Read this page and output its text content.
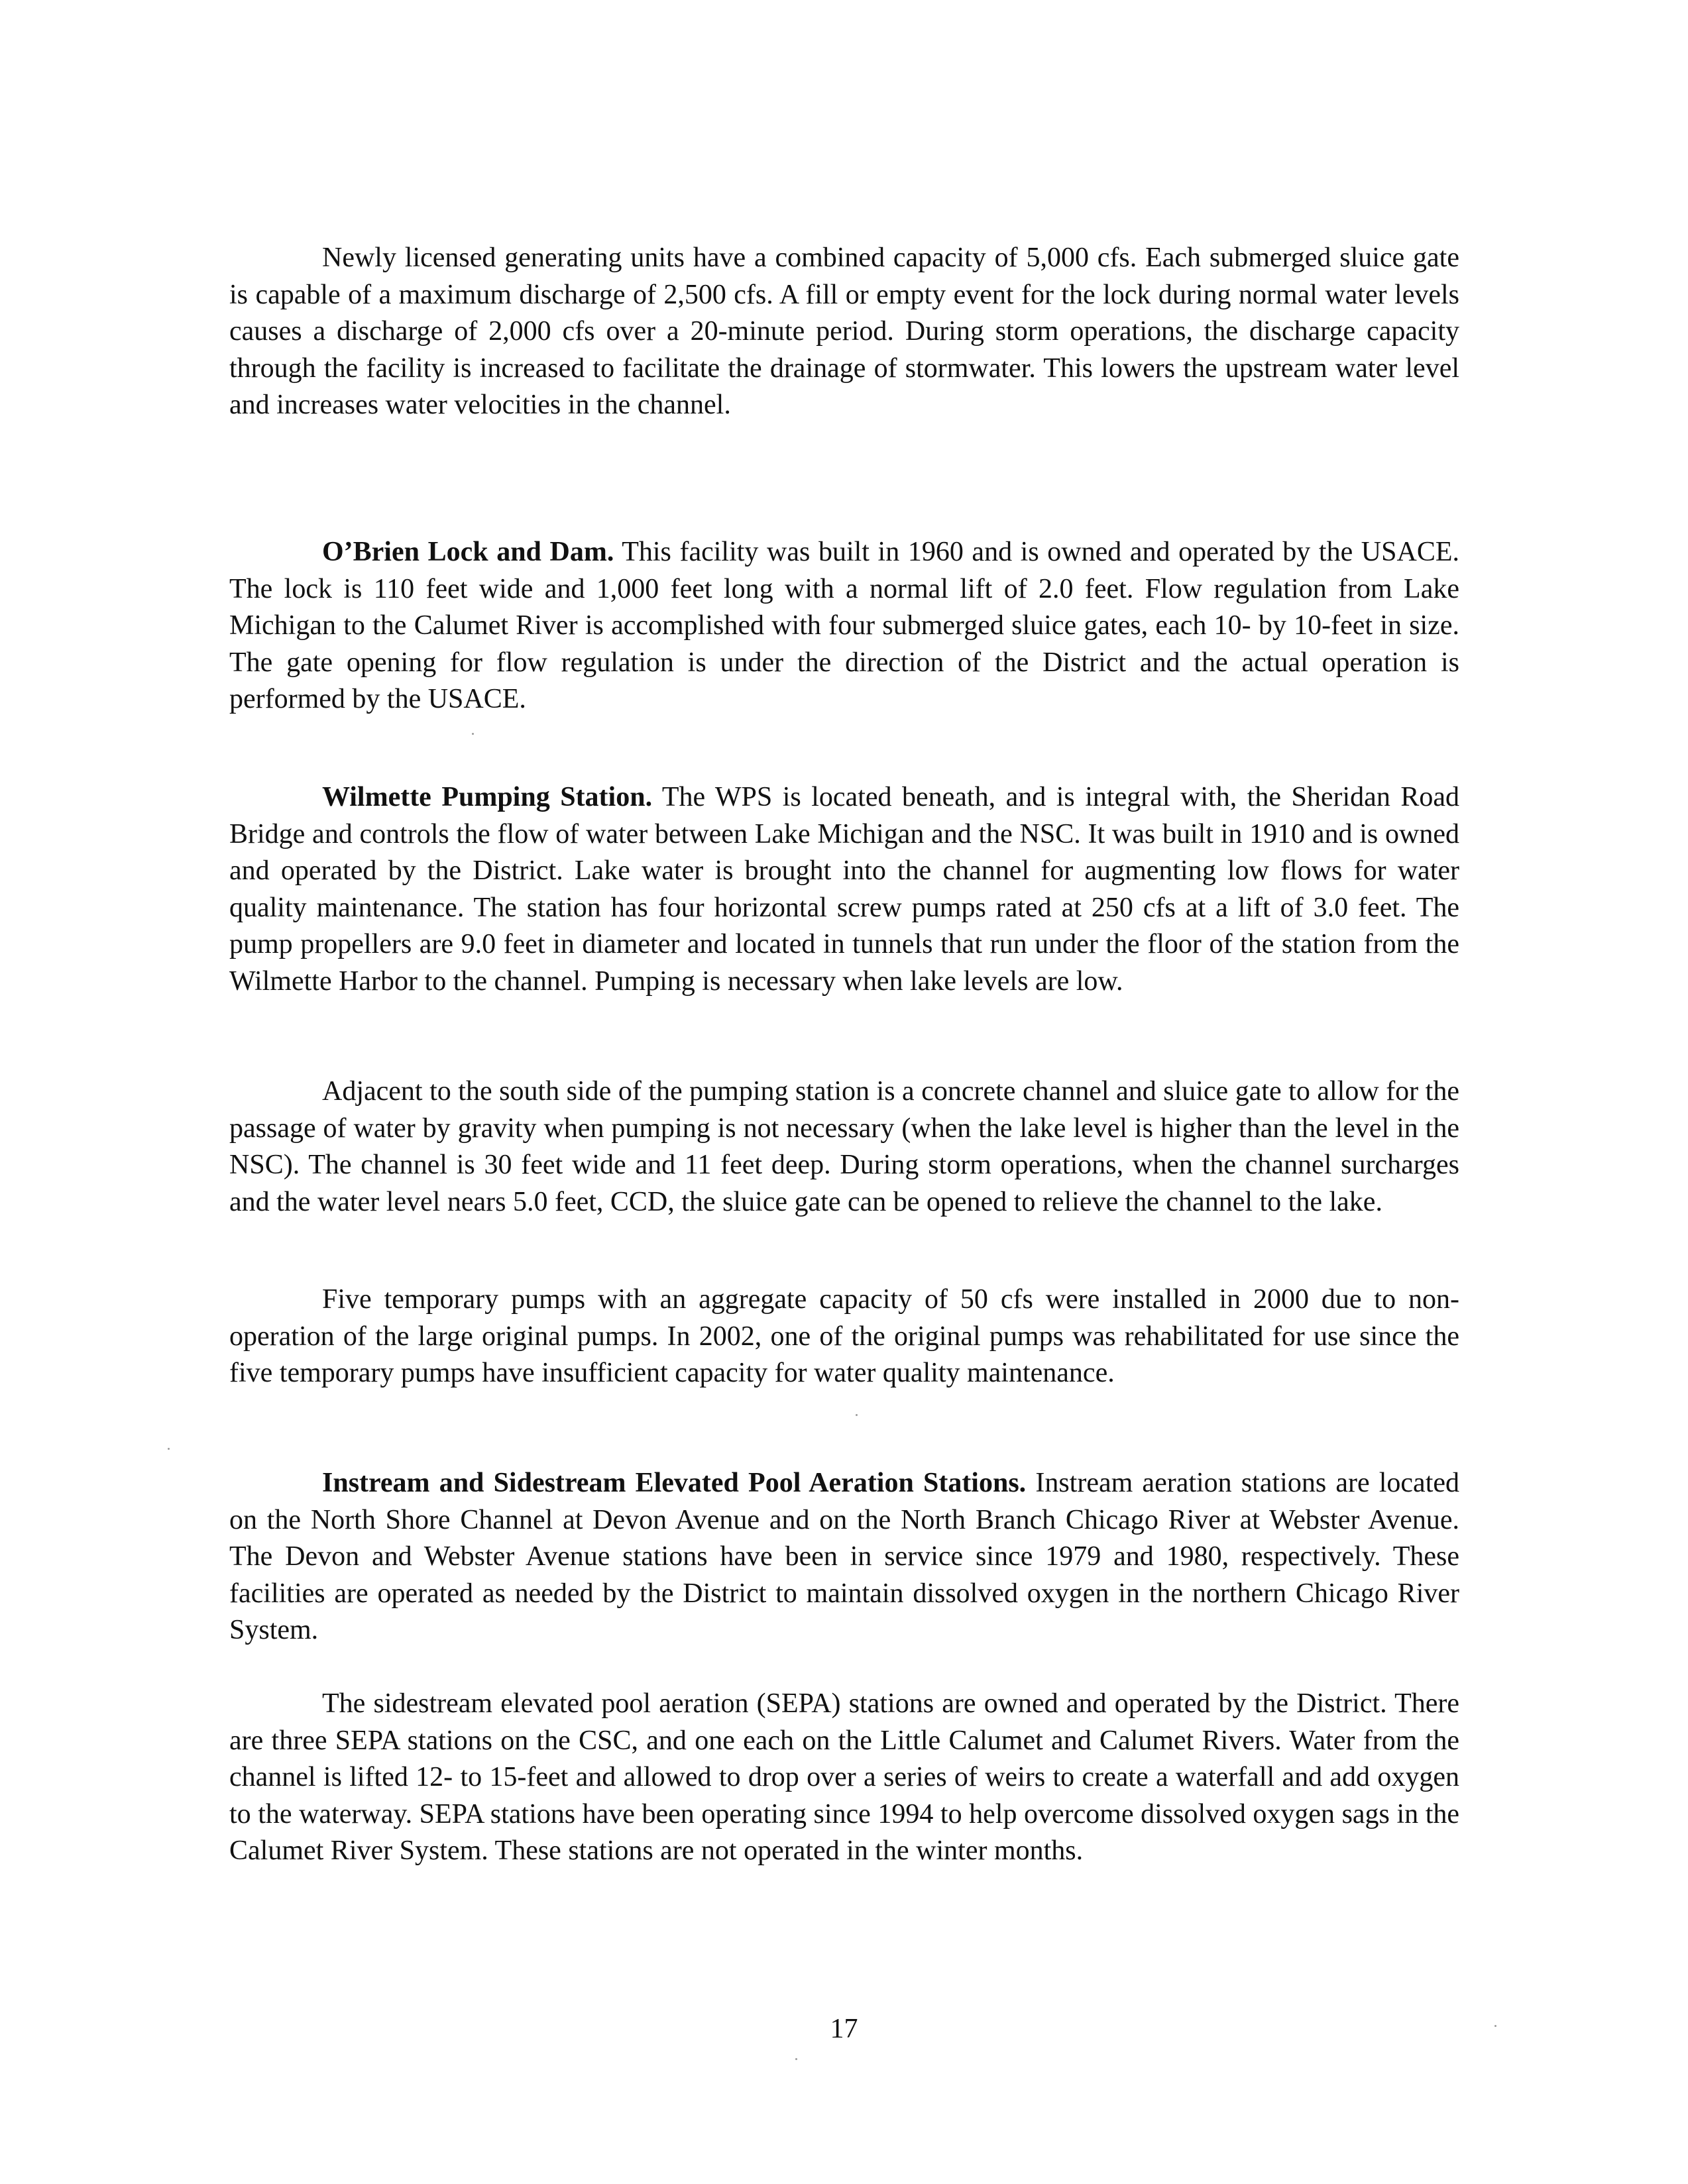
Newly licensed generating units have a combined capacity of 5,000 cfs. Each submerged sluice gate is capable of a maximum discharge of 2,500 cfs. A fill or empty event for the lock during normal water levels causes a discharge of 2,000 cfs over a 20-minute period. During storm operations, the discharge capacity through the facility is increased to facilitate the drainage of stormwater. This lowers the upstream water level and increases water velocities in the channel.

O’Brien Lock and Dam. This facility was built in 1960 and is owned and operated by the USACE. The lock is 110 feet wide and 1,000 feet long with a normal lift of 2.0 feet. Flow regulation from Lake Michigan to the Calumet River is accomplished with four submerged sluice gates, each 10- by 10-feet in size. The gate opening for flow regulation is under the direction of the District and the actual operation is performed by the USACE.

Wilmette Pumping Station. The WPS is located beneath, and is integral with, the Sheridan Road Bridge and controls the flow of water between Lake Michigan and the NSC. It was built in 1910 and is owned and operated by the District. Lake water is brought into the channel for augmenting low flows for water quality maintenance. The station has four horizontal screw pumps rated at 250 cfs at a lift of 3.0 feet. The pump propellers are 9.0 feet in diameter and located in tunnels that run under the floor of the station from the Wilmette Harbor to the channel. Pumping is necessary when lake levels are low.

Adjacent to the south side of the pumping station is a concrete channel and sluice gate to allow for the passage of water by gravity when pumping is not necessary (when the lake level is higher than the level in the NSC). The channel is 30 feet wide and 11 feet deep. During storm operations, when the channel surcharges and the water level nears 5.0 feet, CCD, the sluice gate can be opened to relieve the channel to the lake.

Five temporary pumps with an aggregate capacity of 50 cfs were installed in 2000 due to non-operation of the large original pumps. In 2002, one of the original pumps was rehabilitated for use since the five temporary pumps have insufficient capacity for water quality maintenance.

Instream and Sidestream Elevated Pool Aeration Stations. Instream aeration stations are located on the North Shore Channel at Devon Avenue and on the North Branch Chicago River at Webster Avenue. The Devon and Webster Avenue stations have been in service since 1979 and 1980, respectively. These facilities are operated as needed by the District to maintain dissolved oxygen in the northern Chicago River System.

The sidestream elevated pool aeration (SEPA) stations are owned and operated by the District. There are three SEPA stations on the CSC, and one each on the Little Calumet and Calumet Rivers. Water from the channel is lifted 12- to 15-feet and allowed to drop over a series of weirs to create a waterfall and add oxygen to the waterway. SEPA stations have been operating since 1994 to help overcome dissolved oxygen sags in the Calumet River System. These stations are not operated in the winter months.

17
